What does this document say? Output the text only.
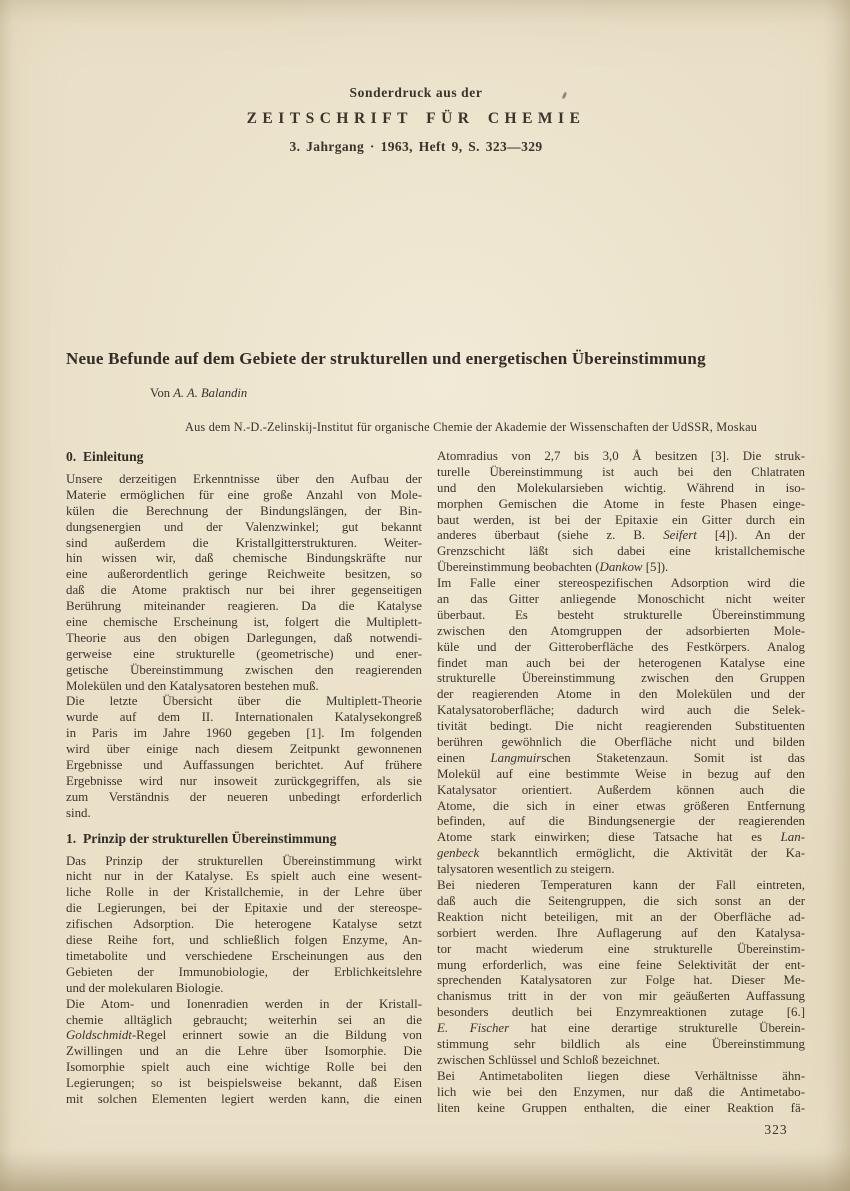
Sonderdruck aus der
ZEITSCHRIFT FÜR CHEMIE
3. Jahrgang · 1963, Heft 9, S. 323—329
Neue Befunde auf dem Gebiete der strukturellen und energetischen Übereinstimmung
Von A. A. Balandin
Aus dem N.-D.-Zelinskij-Institut für organische Chemie der Akademie der Wissenschaften der UdSSR, Moskau
0. Einleitung
Unsere derzeitigen Erkenntnisse über den Aufbau der
Materie ermöglichen für eine große Anzahl von Mole-
külen die Berechnung der Bindungslängen, der Bin-
dungsenergien und der Valenzwinkel; gut bekannt
sind außerdem die Kristallgitterstrukturen. Weiter-
hin wissen wir, daß chemische Bindungskräfte nur
eine außerordentlich geringe Reichweite besitzen, so
daß die Atome praktisch nur bei ihrer gegenseitigen
Berührung miteinander reagieren. Da die Katalyse
eine chemische Erscheinung ist, folgert die Multiplett-
Theorie aus den obigen Darlegungen, daß notwendi-
gerweise eine strukturelle (geometrische) und ener-
getische Übereinstimmung zwischen den reagierenden
Molekülen und den Katalysatoren bestehen muß.
Die letzte Übersicht über die Multiplett-Theorie
wurde auf dem II. Internationalen Katalysekongreß
in Paris im Jahre 1960 gegeben [1]. Im folgenden
wird über einige nach diesem Zeitpunkt gewonnenen
Ergebnisse und Auffassungen berichtet. Auf frühere
Ergebnisse wird nur insoweit zurückgegriffen, als sie
zum Verständnis der neueren unbedingt erforderlich
sind.
1. Prinzip der strukturellen Übereinstimmung
Das Prinzip der strukturellen Übereinstimmung wirkt
nicht nur in der Katalyse. Es spielt auch eine wesent-
liche Rolle in der Kristallchemie, in der Lehre über
die Legierungen, bei der Epitaxie und der stereospe-
zifischen Adsorption. Die heterogene Katalyse setzt
diese Reihe fort, und schließlich folgen Enzyme, An-
timetabolite und verschiedene Erscheinungen aus den
Gebieten der Immunobiologie, der Erblichkeitslehre
und der molekularen Biologie.
Die Atom- und Ionenradien werden in der Kristall-
chemie alltäglich gebraucht; weiterhin sei an die
Goldschmidt-Regel erinnert sowie an die Bildung von
Zwillingen und an die Lehre über Isomorphie. Die
Isomorphie spielt auch eine wichtige Rolle bei den
Legierungen; so ist beispielsweise bekannt, daß Eisen
mit solchen Elementen legiert werden kann, die einen
Atomradius von 2,7 bis 3,0 Å besitzen [3]. Die struk-
turelle Übereinstimmung ist auch bei den Chlatraten
und den Molekularsieben wichtig. Während in iso-
morphen Gemischen die Atome in feste Phasen einge-
baut werden, ist bei der Epitaxie ein Gitter durch ein
anderes überbaut (siehe z. B. Seifert [4]). An der
Grenzschicht läßt sich dabei eine kristallchemische
Übereinstimmung beobachten (Dankow [5]).
Im Falle einer stereospezifischen Adsorption wird die
an das Gitter anliegende Monoschicht nicht weiter
überbaut. Es besteht strukturelle Übereinstimmung
zwischen den Atomgruppen der adsorbierten Mole-
küle und der Gitteroberfläche des Festkörpers. Analog
findet man auch bei der heterogenen Katalyse eine
strukturelle Übereinstimmung zwischen den Gruppen
der reagierenden Atome in den Molekülen und der
Katalysatoroberfläche; dadurch wird auch die Selek-
tivität bedingt. Die nicht reagierenden Substituenten
berühren gewöhnlich die Oberfläche nicht und bilden
einen Langmuirschen Staketenzaun. Somit ist das
Molekül auf eine bestimmte Weise in bezug auf den
Katalysator orientiert. Außerdem können auch die
Atome, die sich in einer etwas größeren Entfernung
befinden, auf die Bindungsenergie der reagierenden
Atome stark einwirken; diese Tatsache hat es Lan-
genbeck bekanntlich ermöglicht, die Aktivität der Ka-
talysatoren wesentlich zu steigern.
Bei niederen Temperaturen kann der Fall eintreten,
daß auch die Seitengruppen, die sich sonst an der
Reaktion nicht beteiligen, mit an der Oberfläche ad-
sorbiert werden. Ihre Auflagerung auf den Katalysa-
tor macht wiederum eine strukturelle Übereinstim-
mung erforderlich, was eine feine Selektivität der ent-
sprechenden Katalysatoren zur Folge hat. Dieser Me-
chanismus tritt in der von mir geäußerten Auffassung
besonders deutlich bei Enzymreaktionen zutage [6.]
E. Fischer hat eine derartige strukturelle Überein-
stimmung sehr bildlich als eine Übereinstimmung
zwischen Schlüssel und Schloß bezeichnet.
Bei Antimetaboliten liegen diese Verhältnisse ähn-
lich wie bei den Enzymen, nur daß die Antimetabo-
liten keine Gruppen enthalten, die einer Reaktion fä-
323
